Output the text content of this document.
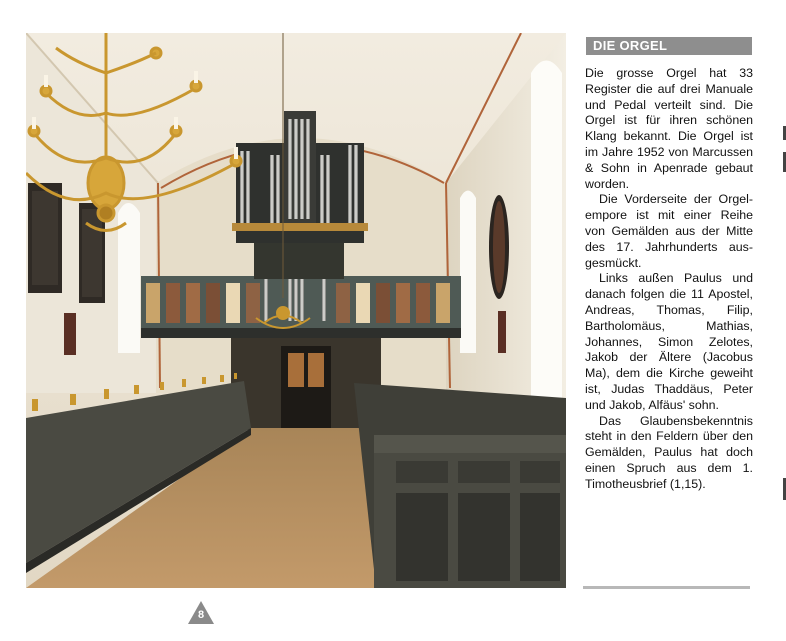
DIE ORGEL

Die grosse Orgel hat 33 Register die auf drei Manuale und Pedal verteilt sind. Die Orgel ist für ihren schönen Klang bekannt. Die Orgel ist im Jahre 1952 von Marcussen & Sohn in Apenrade gebaut worden.

Die Vorderseite der Orgelempore ist mit einer Reihe von Gemälden aus der Mitte des 17. Jahrhunderts ausgesmückt.

Links außen Paulus und danach folgen die 11 Apostel, Andreas, Thomas, Filip, Bartholomäus, Mathias, Johannes, Simon Zelotes, Jakob der Ältere (Jacobus Ma), dem die Kirche geweiht ist, Judas Thaddäus, Peter und Jakob, Alfäus' sohn.

Das Glaubensbekenntnis steht in den Feldern über den Gemälden, Paulus hat doch einen Spruch aus dem 1. Timotheusbrief (1,15).

8
